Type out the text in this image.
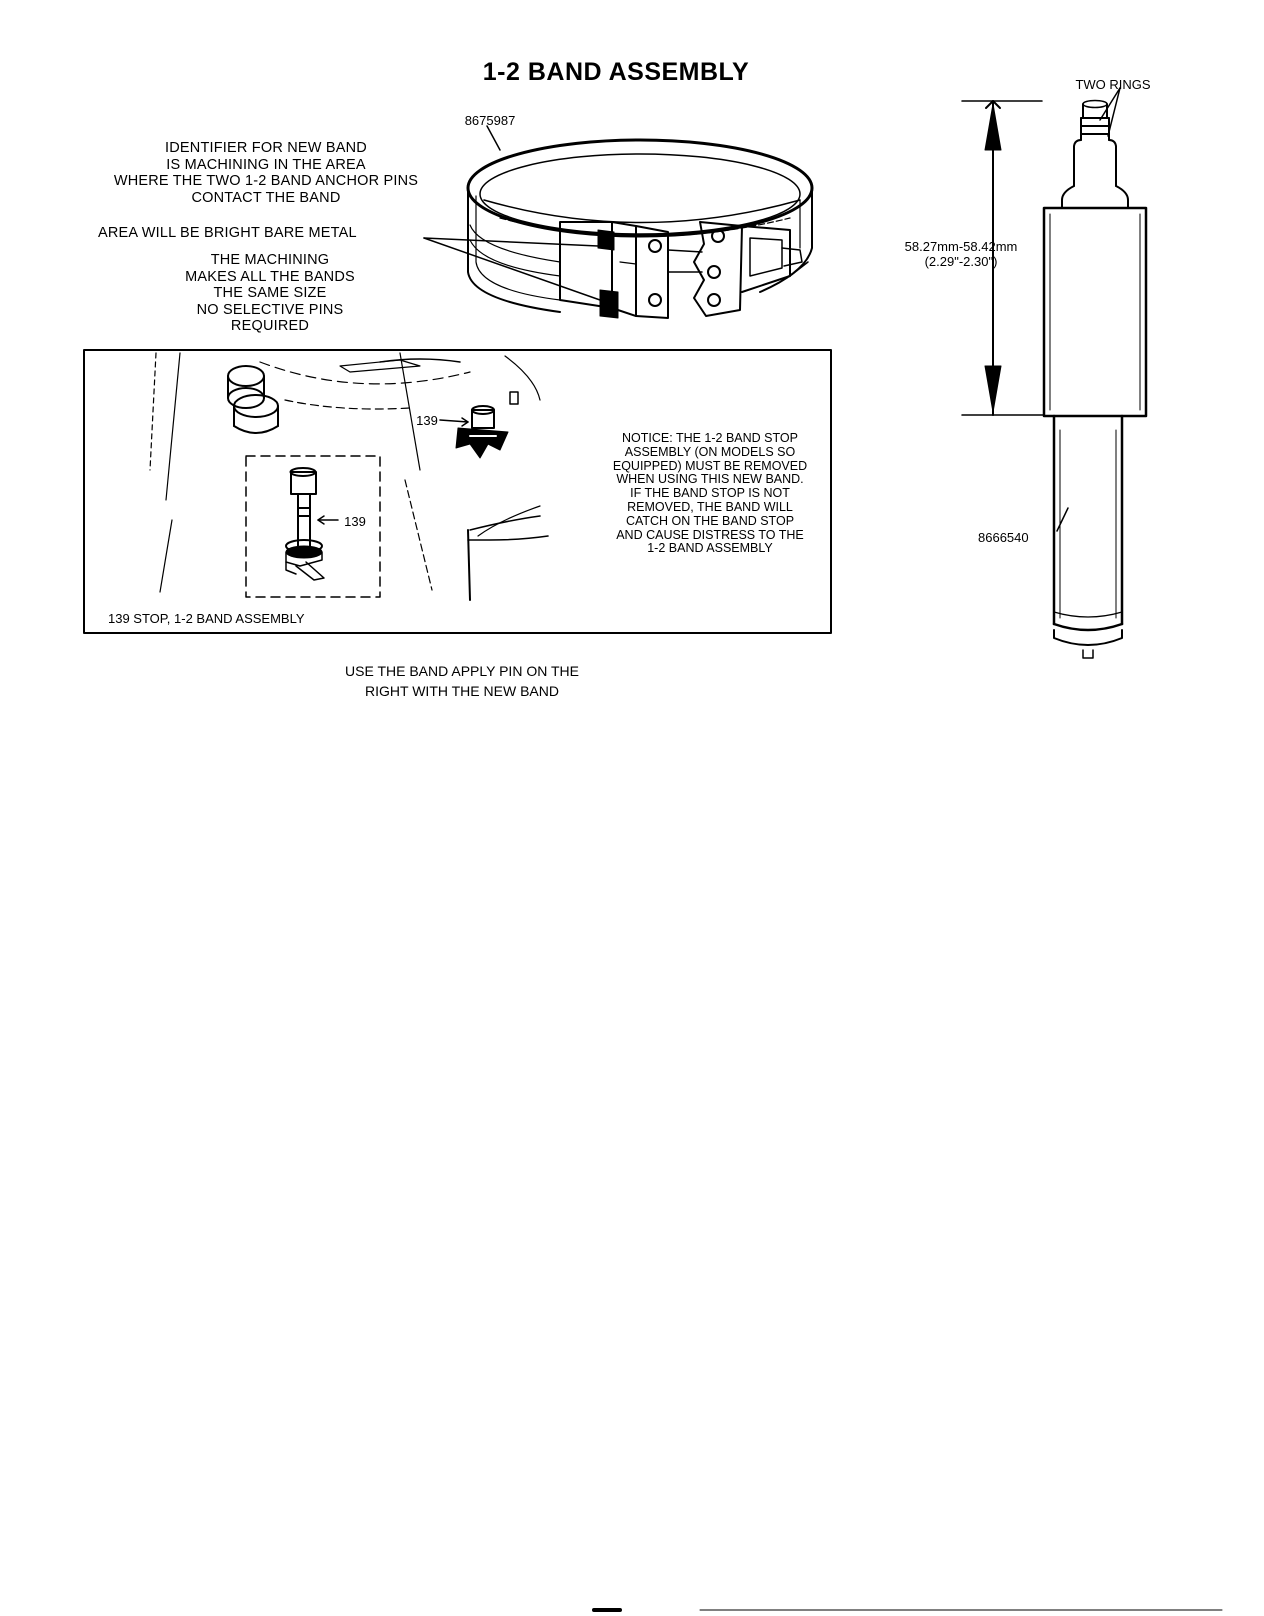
1-2 BAND ASSEMBLY
8675987
IDENTIFIER FOR NEW BAND
IS MACHINING IN THE AREA
WHERE THE TWO 1-2 BAND ANCHOR PINS
CONTACT THE BAND
AREA WILL BE BRIGHT BARE METAL
THE MACHINING
MAKES ALL THE BANDS
THE SAME SIZE
NO SELECTIVE PINS
REQUIRED
139
139
139 STOP, 1-2 BAND ASSEMBLY
NOTICE: THE 1-2 BAND STOP
ASSEMBLY (ON MODELS SO
EQUIPPED) MUST BE REMOVED
WHEN USING THIS NEW BAND.
IF THE BAND STOP IS NOT
REMOVED, THE BAND WILL
CATCH ON THE BAND STOP
AND CAUSE DISTRESS TO THE
1-2 BAND ASSEMBLY
USE THE BAND APPLY PIN ON THE
RIGHT WITH THE NEW BAND
TWO RINGS
58.27mm-58.42mm
(2.29"-2.30")
8666540
